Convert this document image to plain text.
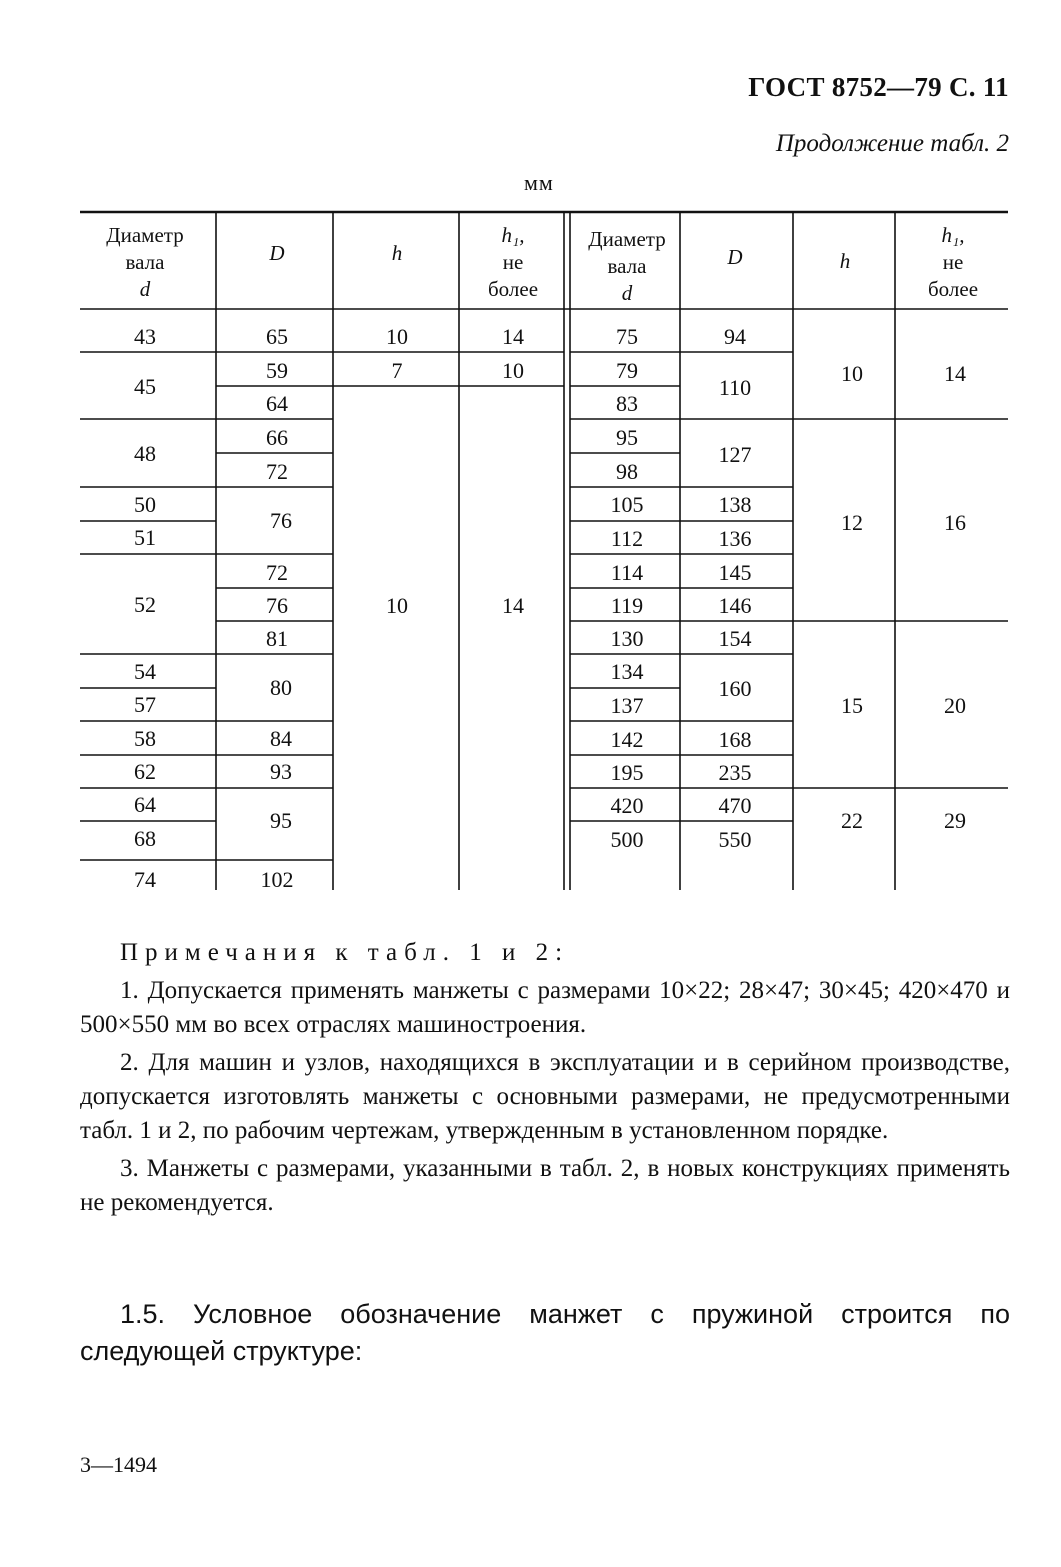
ГОСТ 8752—79 С. 11
Продолжение табл. 2
мм
Диаметр
вала
d
D	h
h₁,
не
более
Диаметр
вала
d
D	h
h₁,
не
более
43
45
48
50
51
52
54
57
58
62
64
68
74
65
59
64
66
72
76
72
76
81
80
84
93
95
102
10
7
10
14
10
14
75
79
83
95
98
105
112
114
119
130
134
137
142
195
420
500
94
110
127
138
136
145
146
154
160
168
235
470
550
10
12
15
22
14
16
20
29
Примечания к табл. 1 и 2:

1. Допускается применять манжеты с размерами 10×22; 28×47; 30×45; 420×470 и 500×550 мм во всех отраслях машиностроения.

2. Для машин и узлов, находящихся в эксплуатации и в серийном производстве, допускается изготовлять манжеты с основными размерами, не предусмотренными табл. 1 и 2, по рабочим чертежам, утвержденным в установленном порядке.

3. Манжеты с размерами, указанными в табл. 2, в новых конструкциях применять не рекомендуется.

1.5. Условное обозначение манжет с пружиной строится по следующей структуре:

3—1494
